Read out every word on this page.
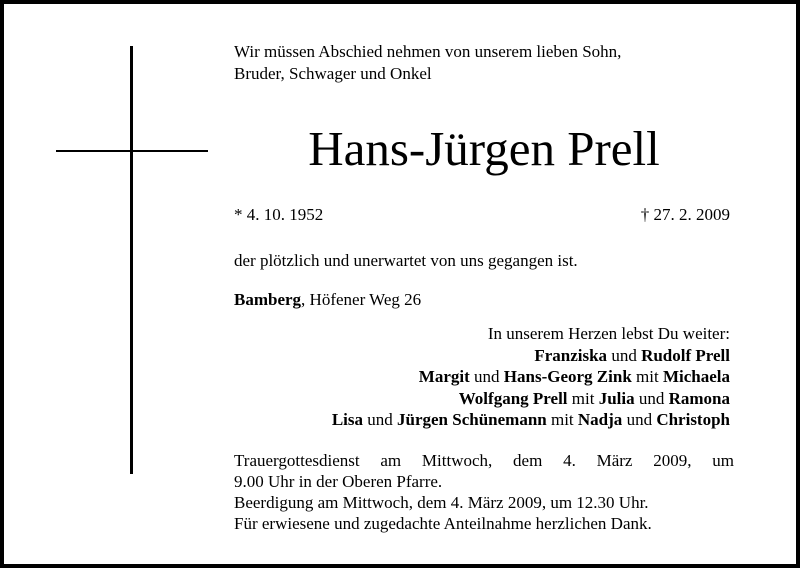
Wir müssen Abschied nehmen von unserem lieben Sohn,
Bruder, Schwager und Onkel
Hans-Jürgen Prell
* 4. 10. 1952	† 27. 2. 2009
der plötzlich und unerwartet von uns gegangen ist.
Bamberg, Höfener Weg 26
In unserem Herzen lebst Du weiter:
Franziska und Rudolf Prell
Margit und Hans-Georg Zink mit Michaela
Wolfgang Prell mit Julia und Ramona
Lisa und Jürgen Schünemann mit Nadja und Christoph
Trauergottesdienst am Mittwoch, dem 4. März 2009, um
9.00 Uhr in der Oberen Pfarre.
Beerdigung am Mittwoch, dem 4. März 2009, um 12.30 Uhr.
Für erwiesene und zugedachte Anteilnahme herzlichen Dank.
